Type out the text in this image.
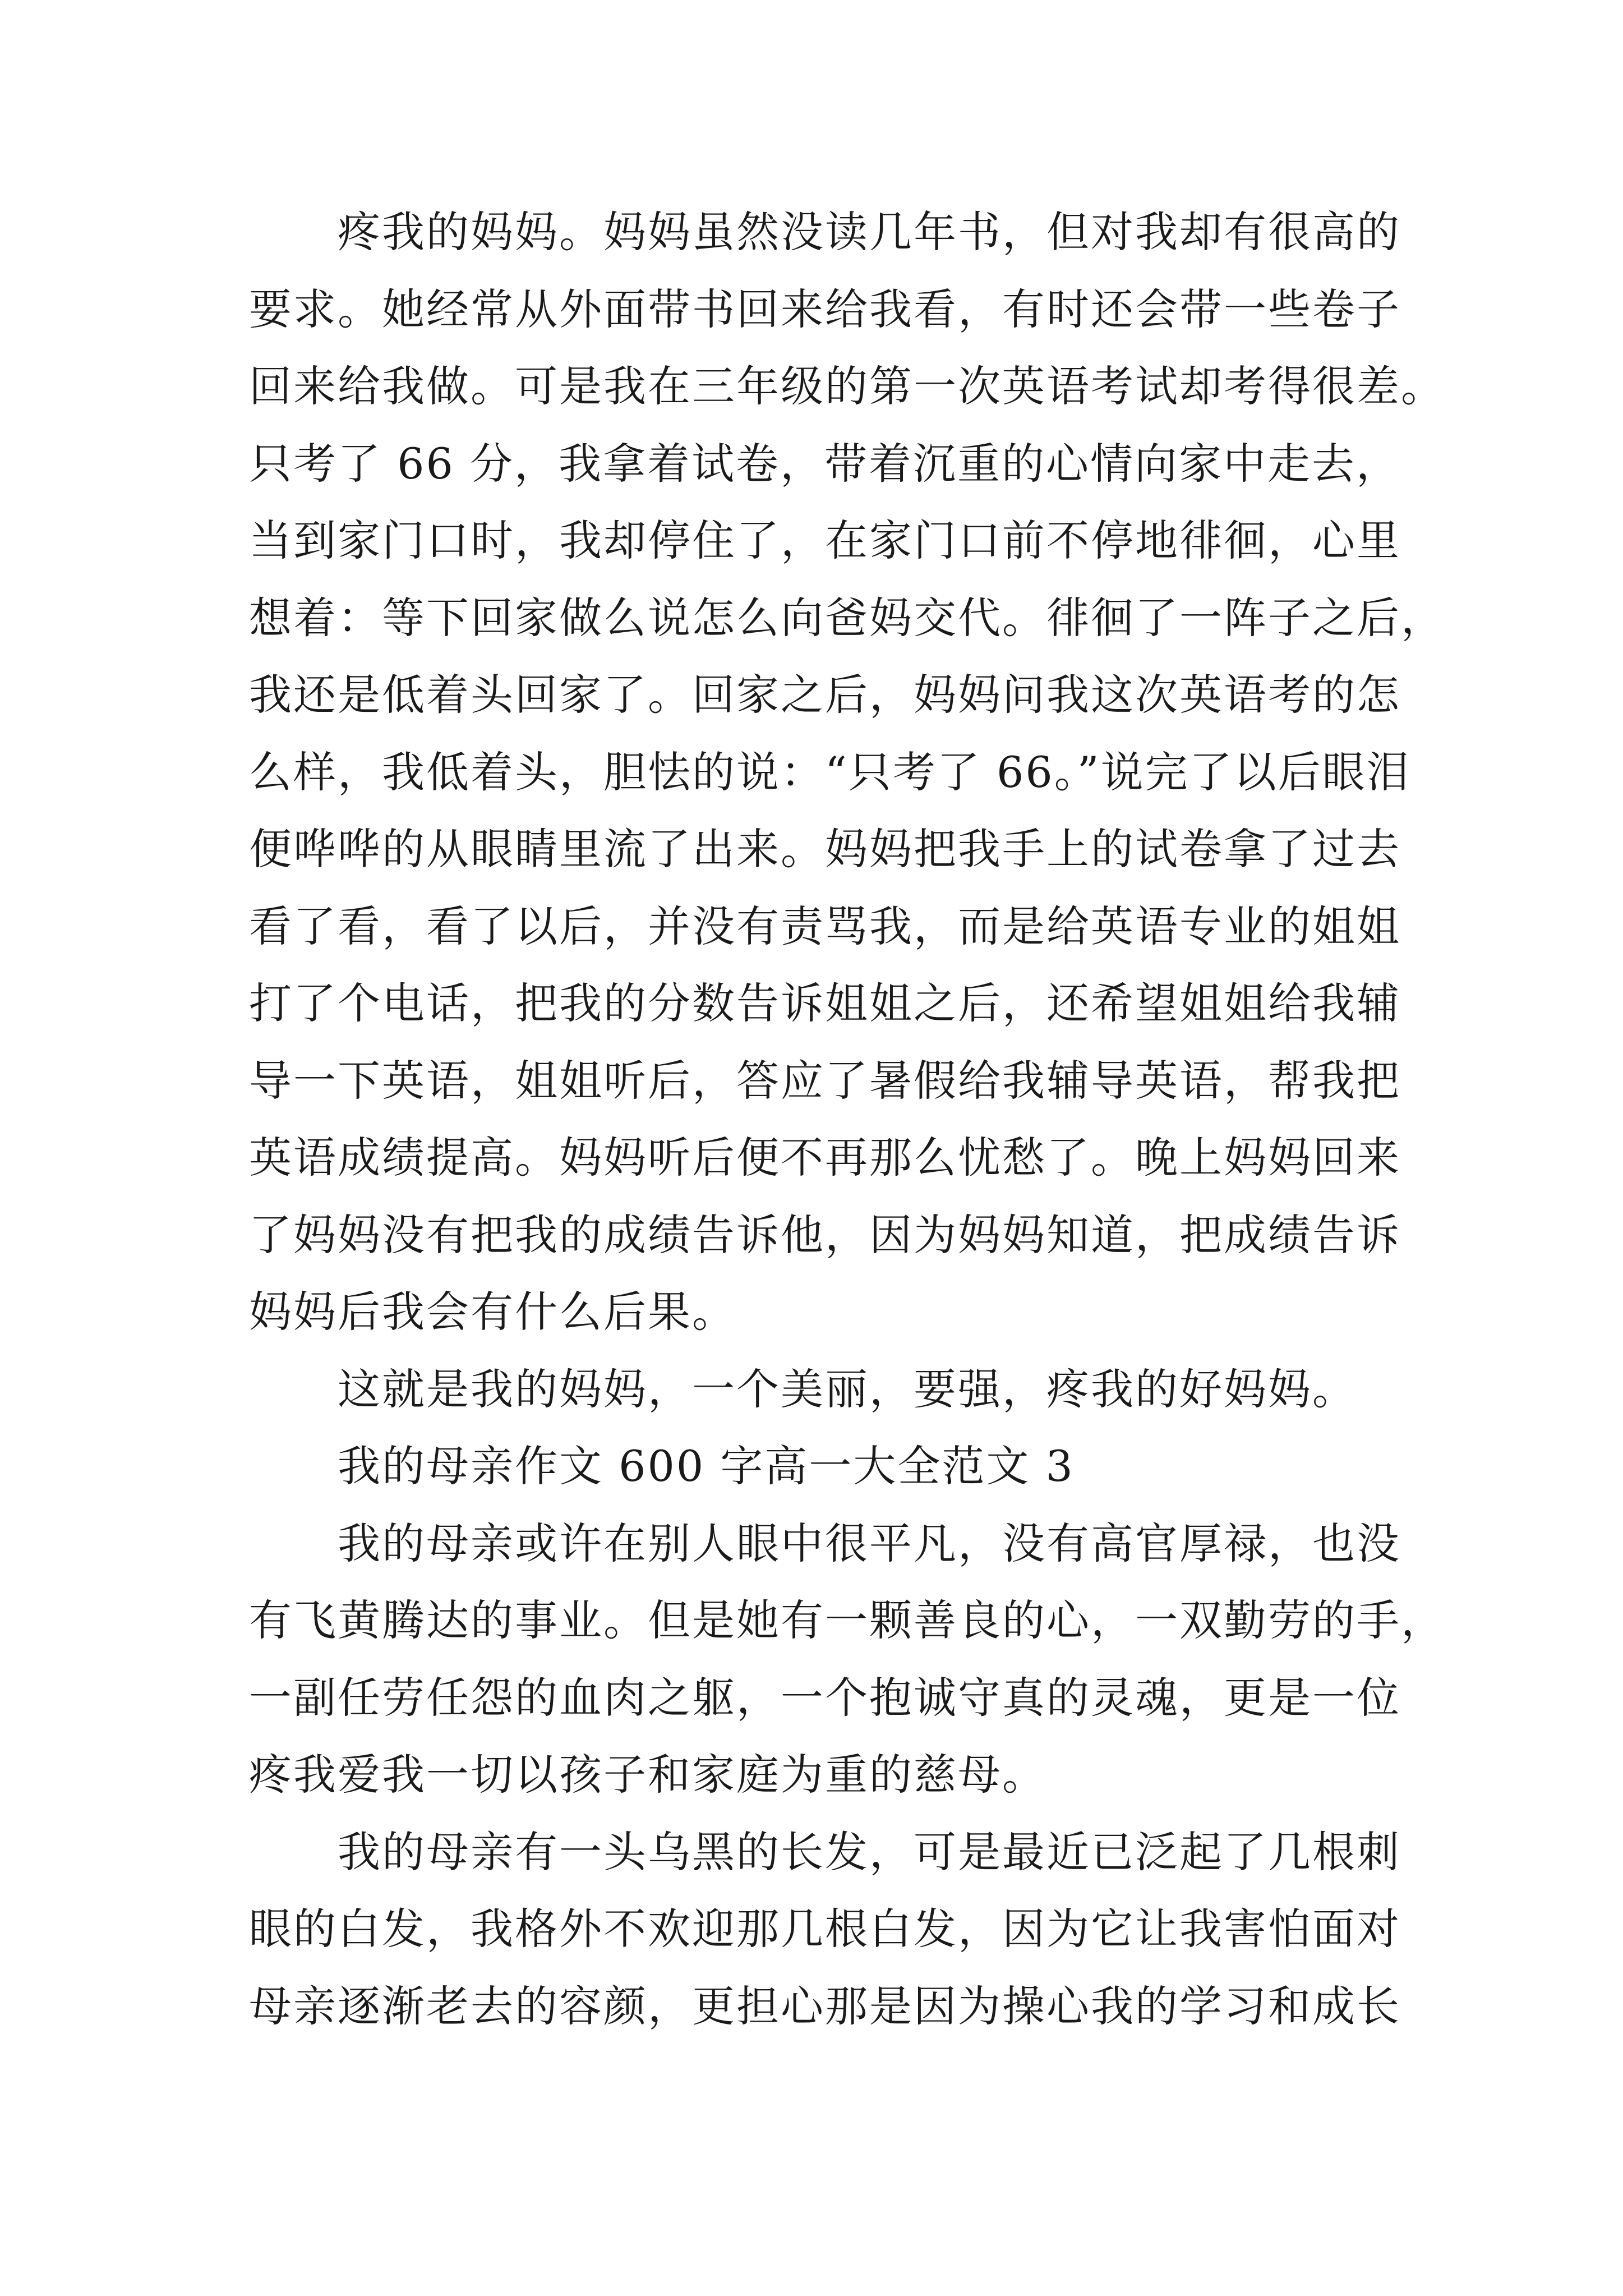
疼我的妈妈。妈妈虽然没读几年书，但对我却有很高的
要求。她经常从外面带书回来给我看，有时还会带一些卷子
回来给我做。可是我在三年级的第一次英语考试却考得很差。
只考了 66 分，我拿着试卷，带着沉重的心情向家中走去，
当到家门口时，我却停住了，在家门口前不停地徘徊，心里
想着：等下回家做么说怎么向爸妈交代。徘徊了一阵子之后，
我还是低着头回家了。回家之后，妈妈问我这次英语考的怎
么样，我低着头，胆怯的说：“只考了 66。”说完了以后眼泪
便哗哗的从眼睛里流了出来。妈妈把我手上的试卷拿了过去
看了看，看了以后，并没有责骂我，而是给英语专业的姐姐
打了个电话，把我的分数告诉姐姐之后，还希望姐姐给我辅
导一下英语，姐姐听后，答应了暑假给我辅导英语，帮我把
英语成绩提高。妈妈听后便不再那么忧愁了。晚上妈妈回来
了妈妈没有把我的成绩告诉他，因为妈妈知道，把成绩告诉
妈妈后我会有什么后果。
这就是我的妈妈，一个美丽，要强，疼我的好妈妈。
我的母亲作文 600 字高一大全范文 3
我的母亲或许在别人眼中很平凡，没有高官厚禄，也没
有飞黄腾达的事业。但是她有一颗善良的心，一双勤劳的手，
一副任劳任怨的血肉之躯，一个抱诚守真的灵魂，更是一位
疼我爱我一切以孩子和家庭为重的慈母。
我的母亲有一头乌黑的长发，可是最近已泛起了几根刺
眼的白发，我格外不欢迎那几根白发，因为它让我害怕面对
母亲逐渐老去的容颜，更担心那是因为操心我的学习和成长
